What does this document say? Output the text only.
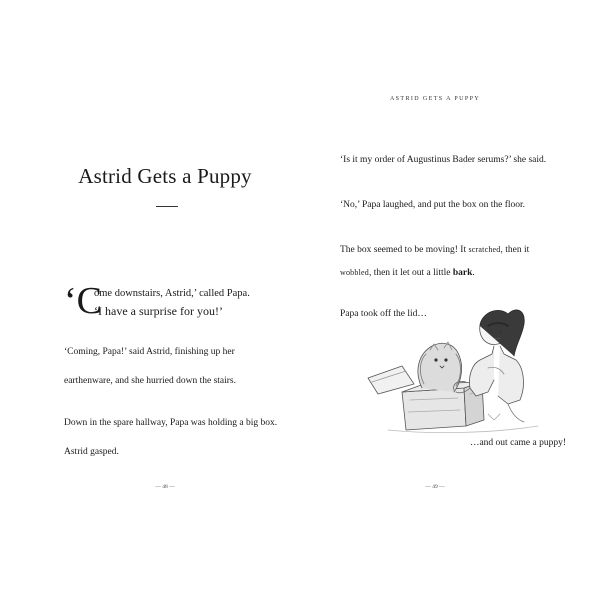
Astrid Gets a Puppy
‘C
ome downstairs, Astrid,’ called Papa.
‘I have a surprise for you!’
‘Coming, Papa!’ said Astrid, finishing up her
earthenware, and she hurried down the stairs.
Down in the spare hallway, Papa was holding a big box.
Astrid gasped.
— 48 —
ASTRID GETS A PUPPY
‘Is it my order of Augustinus Bader serums?’ she said.
‘No,’ Papa laughed, and put the box on the floor.
The box seemed to be moving! It scratched, then it
wobbled, then it let out a little bark.
Papa took off the lid…
…and out came a puppy!
— 49 —
